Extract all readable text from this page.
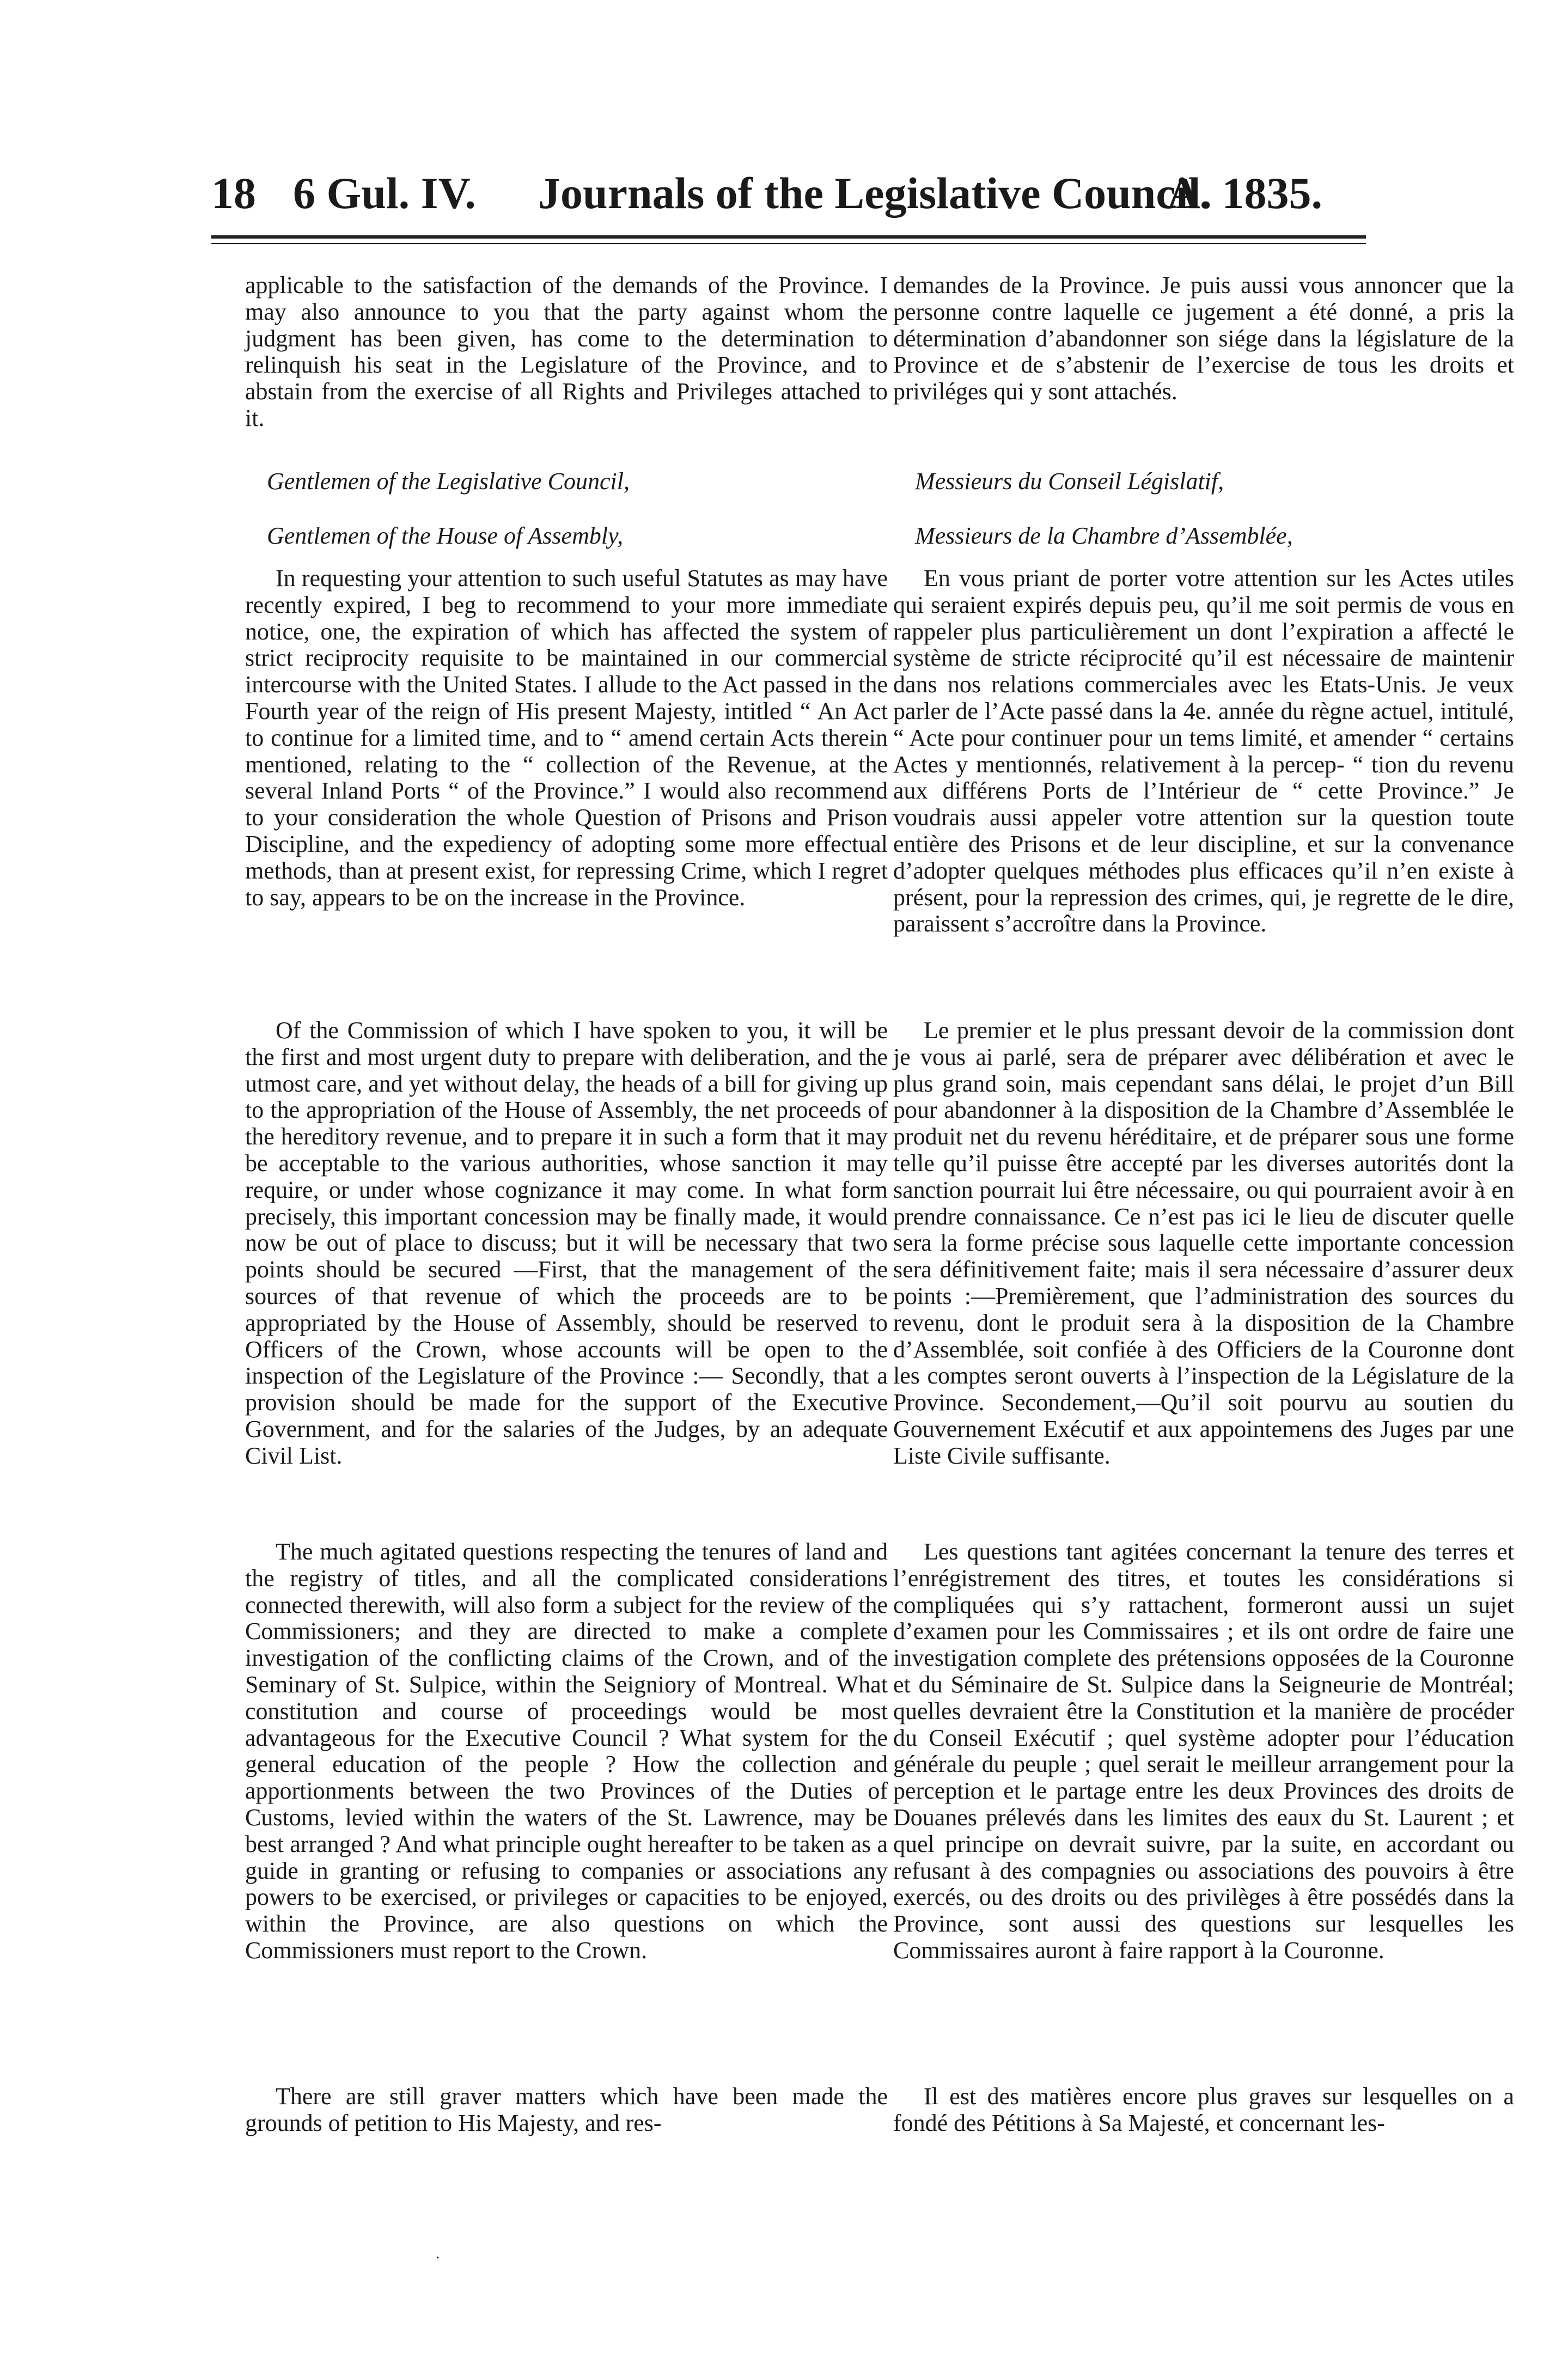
18 6 Gul. IV. Journals of the Legislative Council.
A. 1835.

applicable to the satisfaction of the demands of the Province. I may also announce to you that the party against whom the judgment has been given, has come to the determination to relinquish his seat in the Legislature of the Province, and to abstain from the exercise of all Rights and Privileges attached to it.

Gentlemen of the Legislative Council,

Gentlemen of the House of Assembly,

In requesting your attention to such useful Statutes as may have recently expired, I beg to recommend to your more immediate notice, one, the expiration of which has affected the system of strict reciprocity requisite to be maintained in our commercial intercourse with the United States. I allude to the Act passed in the Fourth year of the reign of His present Majesty, intitled “ An Act to continue for a limited time, and to “ amend certain Acts therein mentioned, relating to the “ collection of the Revenue, at the several Inland Ports “ of the Province.” I would also recommend to your consideration the whole Question of Prisons and Prison Discipline, and the expediency of adopting some more effectual methods, than at present exist, for repressing Crime, which I regret to say, appears to be on the increase in the Province.

Of the Commission of which I have spoken to you, it will be the first and most urgent duty to prepare with deliberation, and the utmost care, and yet without delay, the heads of a bill for giving up to the appropriation of the House of Assembly, the net proceeds of the hereditory revenue, and to prepare it in such a form that it may be acceptable to the various authorities, whose sanction it may require, or under whose cognizance it may come. In what form precisely, this important concession may be finally made, it would now be out of place to discuss; but it will be necessary that two points should be secured —First, that the management of the sources of that revenue of which the proceeds are to be appropriated by the House of Assembly, should be reserved to Officers of the Crown, whose accounts will be open to the inspection of the Legislature of the Province :— Secondly, that a provision should be made for the support of the Executive Government, and for the salaries of the Judges, by an adequate Civil List.

The much agitated questions respecting the tenures of land and the registry of titles, and all the complicated considerations connected therewith, will also form a subject for the review of the Commissioners; and they are directed to make a complete investigation of the conflicting claims of the Crown, and of the Seminary of St. Sulpice, within the Seigniory of Montreal. What constitution and course of proceedings would be most advantageous for the Executive Council ? What system for the general education of the people ? How the collection and apportionments between the two Provinces of the Duties of Customs, levied within the waters of the St. Lawrence, may be best arranged ? And what principle ought hereafter to be taken as a guide in granting or refusing to companies or associations any powers to be exercised, or privileges or capacities to be enjoyed, within the Province, are also questions on which the Commissioners must report to the Crown.

There are still graver matters which have been made the grounds of petition to His Majesty, and res-

demandes de la Province. Je puis aussi vous annoncer que la personne contre laquelle ce jugement a été donné, a pris la détermination d’abandonner son siége dans la législature de la Province et de s’abstenir de l’exercise de tous les droits et priviléges qui y sont attachés.

Messieurs du Conseil Législatif,

Messieurs de la Chambre d’Assemblée,

En vous priant de porter votre attention sur les Actes utiles qui seraient expirés depuis peu, qu’il me soit permis de vous en rappeler plus particulièrement un dont l’expiration a affecté le système de stricte réciprocité qu’il est nécessaire de maintenir dans nos relations commerciales avec les Etats-Unis. Je veux parler de l’Acte passé dans la 4e. année du règne actuel, intitulé, “ Acte pour continuer pour un tems limité, et amender “ certains Actes y mentionnés, relativement à la percep- “ tion du revenu aux différens Ports de l’Intérieur de “ cette Province.” Je voudrais aussi appeler votre attention sur la question toute entière des Prisons et de leur discipline, et sur la convenance d’adopter quelques méthodes plus efficaces qu’il n’en existe à présent, pour la repression des crimes, qui, je regrette de le dire, paraissent s’accroître dans la Province.

Le premier et le plus pressant devoir de la commission dont je vous ai parlé, sera de préparer avec délibération et avec le plus grand soin, mais cependant sans délai, le projet d’un Bill pour abandonner à la disposition de la Chambre d’Assemblée le produit net du revenu héréditaire, et de préparer sous une forme telle qu’il puisse être accepté par les diverses autorités dont la sanction pourrait lui être nécessaire, ou qui pourraient avoir à en prendre connaissance. Ce n’est pas ici le lieu de discuter quelle sera la forme précise sous laquelle cette importante concession sera définitivement faite; mais il sera nécessaire d’assurer deux points :—Premièrement, que l’administration des sources du revenu, dont le produit sera à la disposition de la Chambre d’Assemblée, soit confiée à des Officiers de la Couronne dont les comptes seront ouverts à l’inspection de la Législature de la Province. Secondement,—Qu’il soit pourvu au soutien du Gouvernement Exécutif et aux appointemens des Juges par une Liste Civile suffisante.

Les questions tant agitées concernant la tenure des terres et l’enrégistrement des titres, et toutes les considérations si compliquées qui s’y rattachent, formeront aussi un sujet d’examen pour les Commissaires ; et ils ont ordre de faire une investigation complete des prétensions opposées de la Couronne et du Séminaire de St. Sulpice dans la Seigneurie de Montréal; quelles devraient être la Constitution et la manière de procéder du Conseil Exécutif ; quel système adopter pour l’éducation générale du peuple ; quel serait le meilleur arrangement pour la perception et le partage entre les deux Provinces des droits de Douanes prélevés dans les limites des eaux du St. Laurent ; et quel principe on devrait suivre, par la suite, en accordant ou refusant à des compagnies ou associations des pouvoirs à être exercés, ou des droits ou des privilèges à être possédés dans la Province, sont aussi des questions sur lesquelles les Commissaires auront à faire rapport à la Couronne.

Il est des matières encore plus graves sur lesquelles on a fondé des Pétitions à Sa Majesté, et concernant les-

.
